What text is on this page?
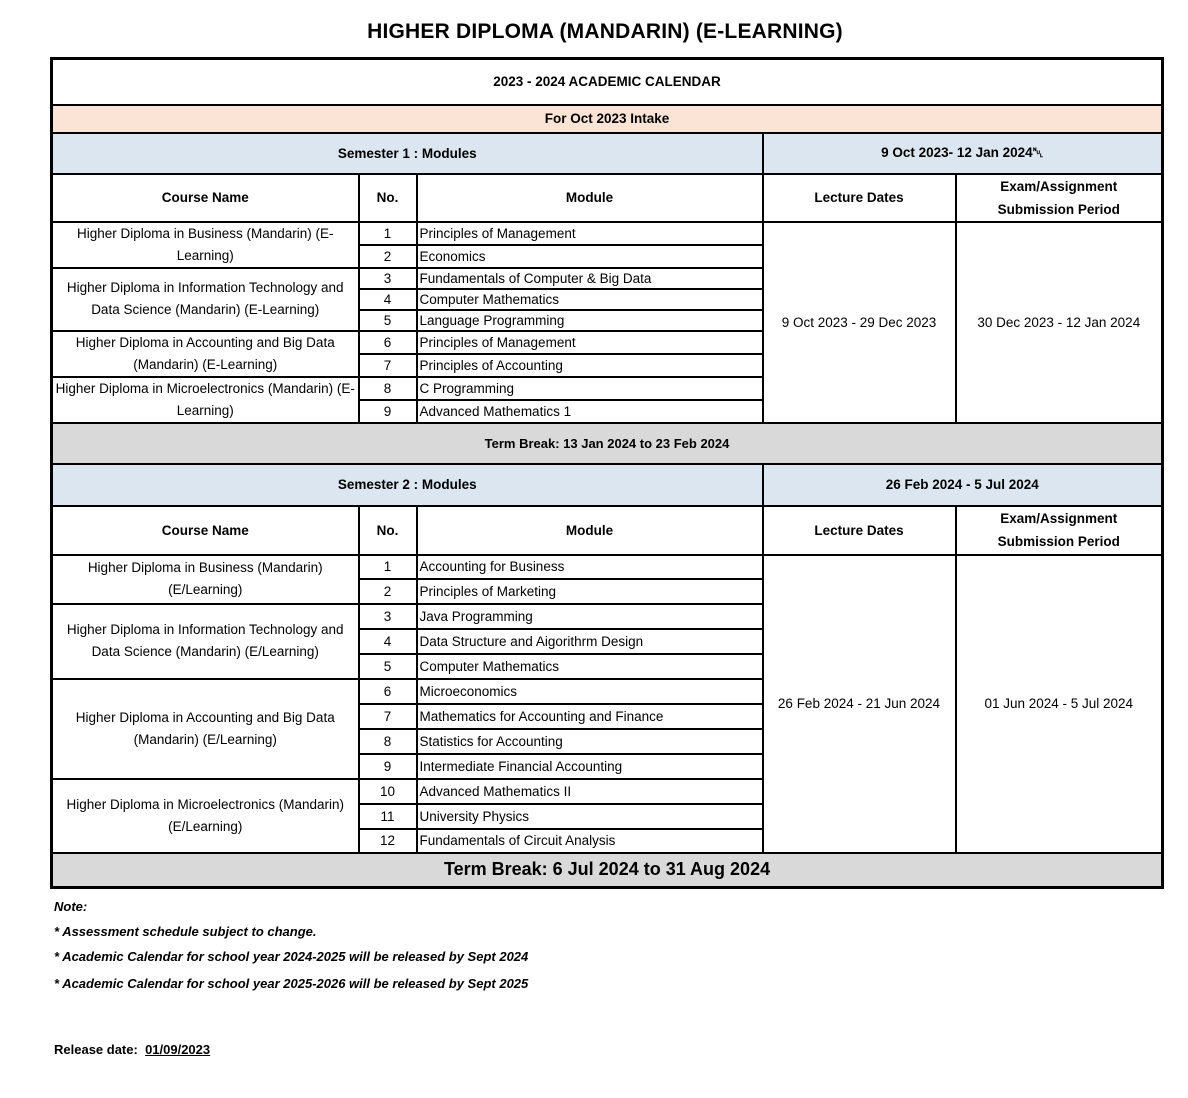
HIGHER DIPLOMA (MANDARIN) (E-LEARNING)
2023 - 2024 ACADEMIC CALENDAR				
For Oct 2023 Intake				
Semester 1 : Modules			9 Oct 2023- 12 Jan 2024␀	
Course Name	No.	Module	Lecture Dates	Exam/Assignment
Submission Period
Higher Diploma in Business (Mandarin) (E-Learning)	1	Principles of Management	9 Oct 2023 - 29 Dec 2023	30 Dec 2023 - 12 Jan 2024
	2	Economics		
Higher Diploma in Information Technology and Data Science (Mandarin) (E-Learning)	3	Fundamentals of Computer & Big Data		
	4	Computer Mathematics		
	5	Language Programming		
Higher Diploma in Accounting and Big Data (Mandarin) (E-Learning)	6	Principles of Management		
	7	Principles of Accounting		
Higher Diploma in Microelectronics (Mandarin) (E-Learning)	8	C Programming		
	9	Advanced Mathematics 1		
Term Break: 13 Jan 2024 to 23 Feb 2024				
Semester 2 : Modules			26 Feb 2024 - 5 Jul 2024	
Course Name	No.	Module	Lecture Dates	Exam/Assignment
Submission Period
Higher Diploma in Business (Mandarin) (E/Learning)	1	Accounting for Business	26 Feb 2024 - 21 Jun 2024	01 Jun 2024 - 5 Jul 2024
	2	Principles of Marketing		
Higher Diploma in Information Technology and Data Science (Mandarin) (E/Learning)	3	Java Programming		
	4	Data Structure and Aigorithrm Design		
	5	Computer Mathematics		
Higher Diploma in Accounting and Big Data (Mandarin) (E/Learning)	6	Microeconomics		
	7	Mathematics for Accounting and Finance		
	8	Statistics for Accounting		
	9	Intermediate Financial Accounting		
Higher Diploma in Microelectronics (Mandarin) (E/Learning)	10	Advanced Mathematics II		
	11	University Physics		
	12	Fundamentals of Circuit Analysis		
Term Break: 6 Jul 2024 to 31 Aug 2024				
Note:
* Assessment schedule subject to change.
* Academic Calendar for school year 2024-2025 will be released by Sept 2024
* Academic Calendar for school year 2025-2026 will be released by Sept 2025
Release date: 01/09/2023
